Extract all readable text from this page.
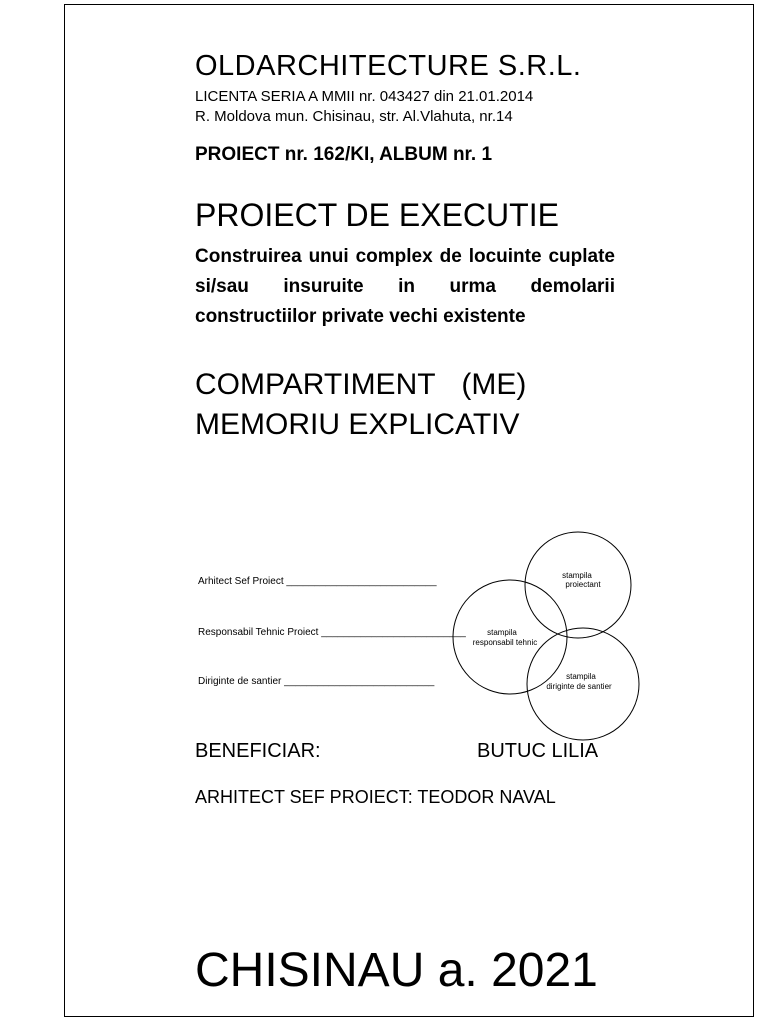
OLDARCHITECTURE S.R.L.
LICENTA SERIA A MMII nr. 043427 din 21.01.2014
R. Moldova mun. Chisinau, str. Al.Vlahuta, nr.14
PROIECT nr. 162/KI, ALBUM nr. 1
PROIECT DE EXECUTIE
Construirea unui complex de locuinte cuplate si/sau insuruite in urma demolarii constructiilor private vechi existente
COMPARTIMENT (ME)
MEMORIU EXPLICATIV
Arhitect Sef Proiect ___________________________
Responsabil Tehnic Proiect __________________________
Diriginte de santier ___________________________
stampila
proiectant
stampila
responsabil tehnic
stampila
diriginte de santier
BENEFICIAR:	BUTUC LILIA
ARHITECT SEF PROIECT: TEODOR NAVAL
CHISINAU a. 2021
